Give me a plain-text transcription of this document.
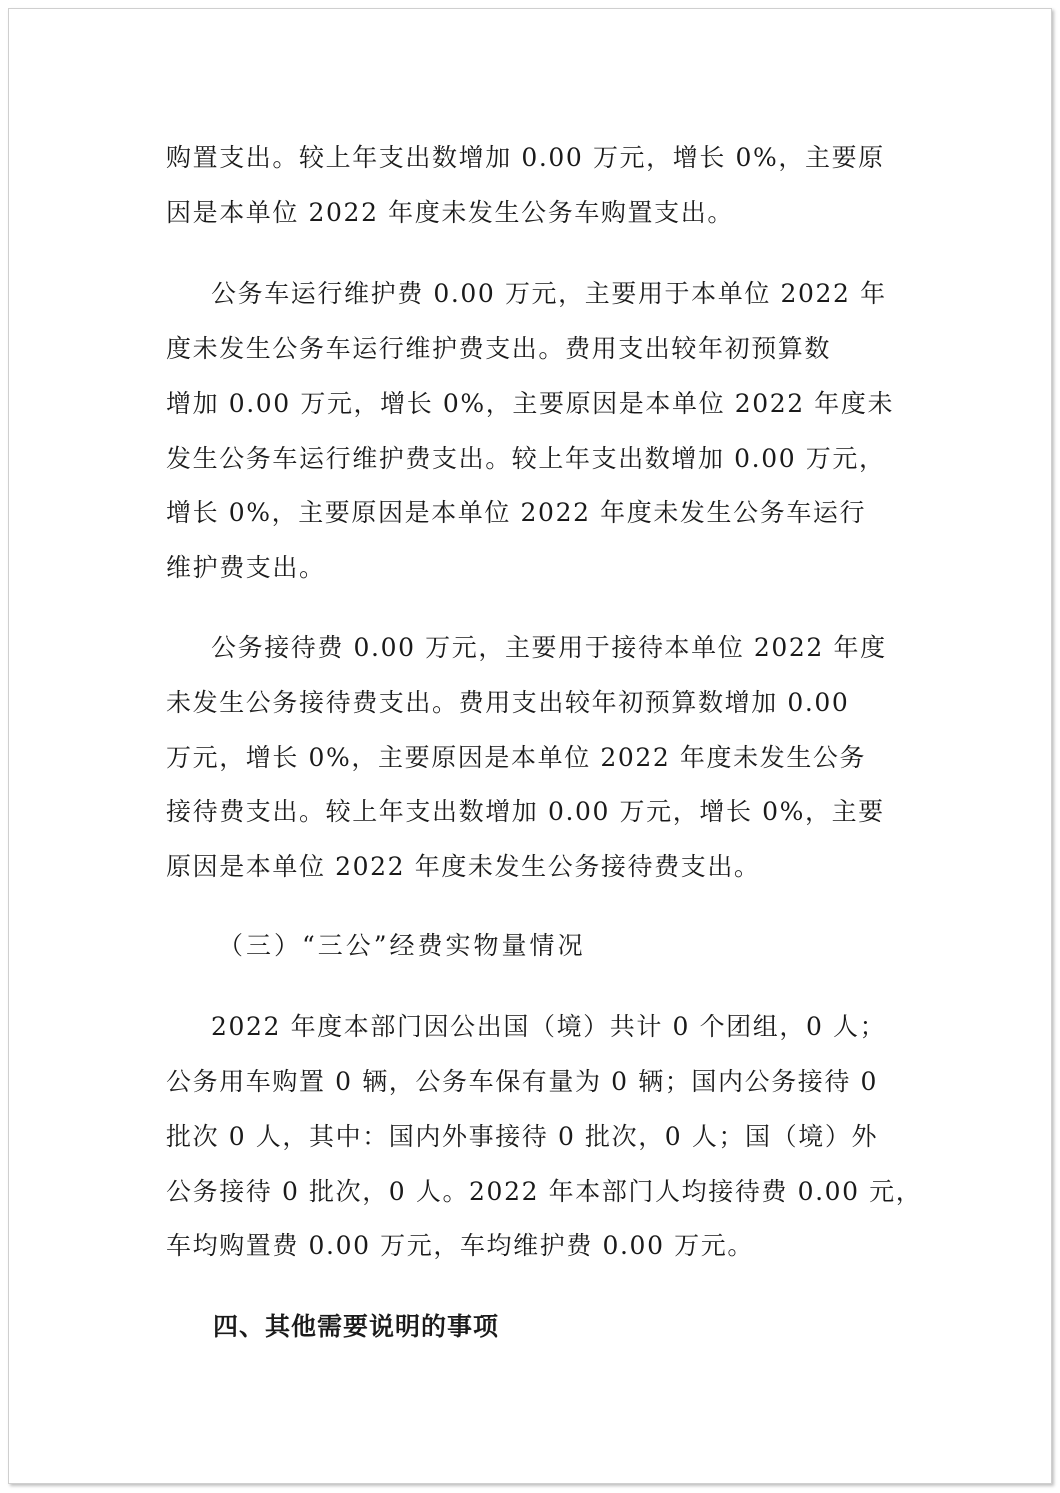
购置支出。较上年支出数增加 0.00 万元，增长 0%，主要原
因是本单位 2022 年度未发生公务车购置支出。
公务车运行维护费 0.00 万元，主要用于本单位 2022 年
度未发生公务车运行维护费支出。费用支出较年初预算数
增加 0.00 万元，增长 0%，主要原因是本单位 2022 年度未
发生公务车运行维护费支出。较上年支出数增加 0.00 万元，
增长 0%，主要原因是本单位 2022 年度未发生公务车运行
维护费支出。
公务接待费 0.00 万元，主要用于接待本单位 2022 年度
未发生公务接待费支出。费用支出较年初预算数增加 0.00
万元，增长 0%，主要原因是本单位 2022 年度未发生公务
接待费支出。较上年支出数增加 0.00 万元，增长 0%，主要
原因是本单位 2022 年度未发生公务接待费支出。
（三）“三公”经费实物量情况
2022 年度本部门因公出国（境）共计 0 个团组，0 人；
公务用车购置 0 辆，公务车保有量为 0 辆；国内公务接待 0
批次 0 人，其中：国内外事接待 0 批次，0 人；国（境）外
公务接待 0 批次，0 人。2022 年本部门人均接待费 0.00 元，
车均购置费 0.00 万元，车均维护费 0.00 万元。
四、其他需要说明的事项
